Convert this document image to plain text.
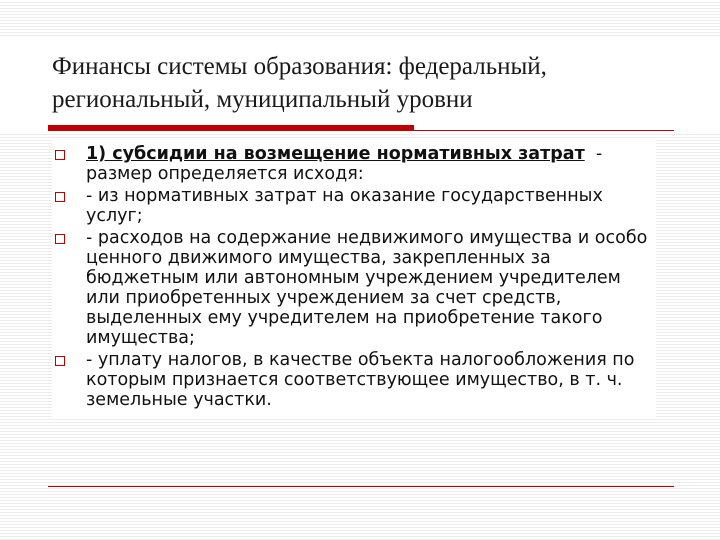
Финансы системы образования: федеральный, региональный, муниципальный уровни
1) субсидии на возмещение нормативных затрат  - размер определяется исходя:
- из нормативных затрат на оказание государственных услуг;
- расходов на содержание недвижимого имущества и особо ценного движимого имущества, закрепленных за бюджетным или автономным учреждением учредителем или приобретенных учреждением за счет средств, выделенных ему учредителем на приобретение такого имущества;
- уплату налогов, в качестве объекта налогообложения по которым признается соответствующее имущество, в т. ч. земельные участки.
